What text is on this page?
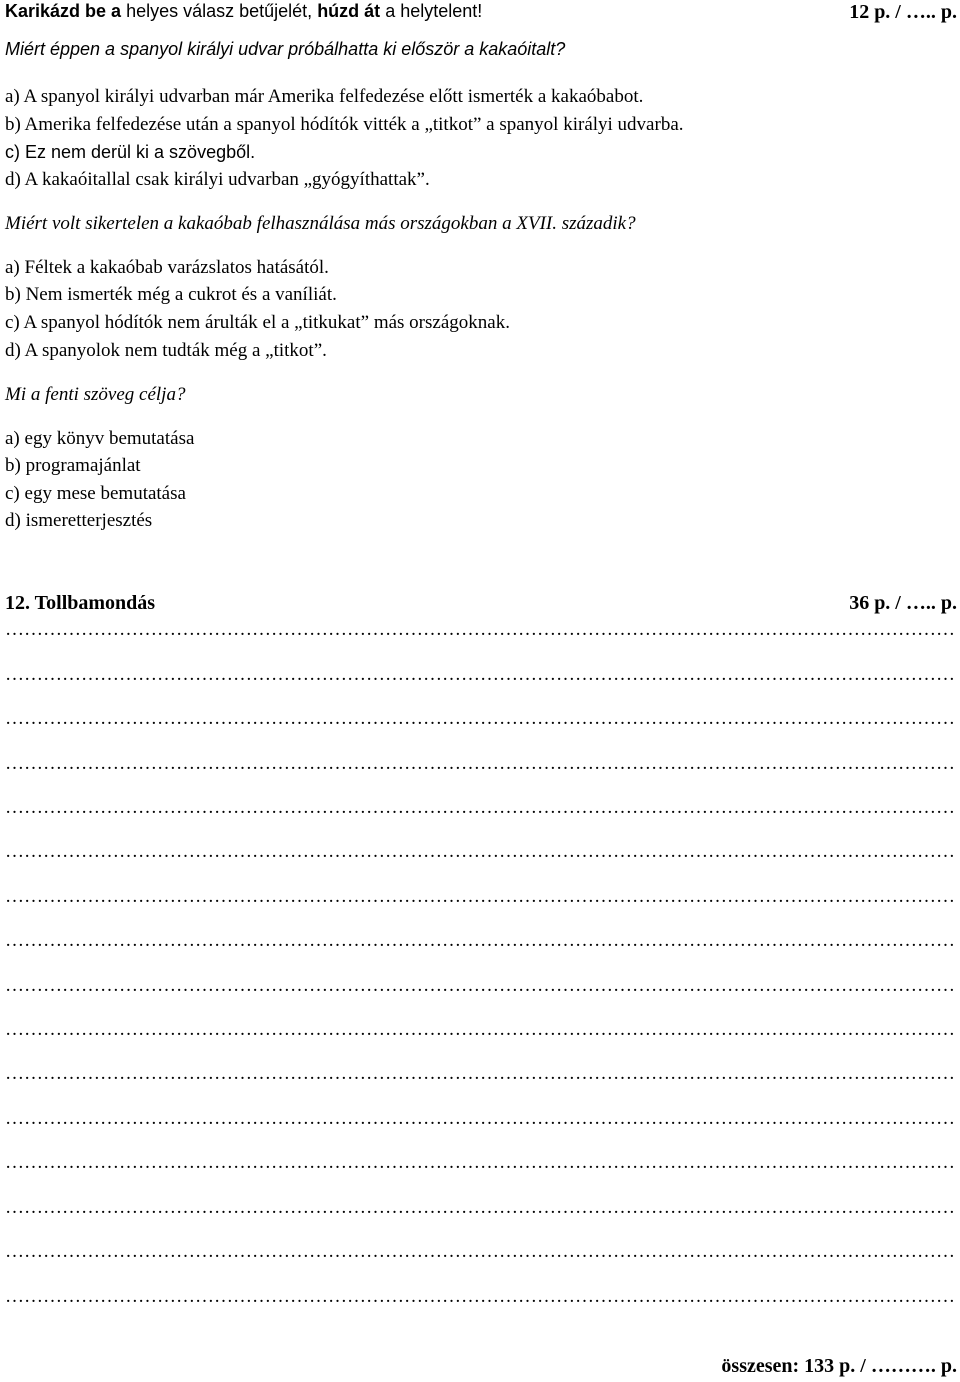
Karikázd be a helyes válasz betűjelét, húzd át a helytelent!	12 p. / ….. p.
Miért éppen a spanyol királyi udvar próbálhatta ki először a kakaóitalt?
a) A spanyol királyi udvarban már Amerika felfedezése előtt ismerték a kakaóbabot.
b) Amerika felfedezése után a spanyol hódítók vitték a „titkot” a spanyol királyi udvarba.
c) Ez nem derül ki a szövegből.
d) A kakaóitallal csak királyi udvarban „gyógyíthattak”.
Miért volt sikertelen a kakaóbab felhasználása más országokban a XVII. századik?
a) Féltek a kakaóbab varázslatos hatásától.
b) Nem ismerték még a cukrot és a vaníliát.
c) A spanyol hódítók nem árulták el a „titkukat” más országoknak.
d) A spanyolok nem tudták még a „titkot”.
Mi a fenti szöveg célja?
a) egy könyv bemutatása
b) programajánlat
c) egy mese bemutatása
d) ismeretterjesztés
12. Tollbamondás	36 p. / ….. p.
……………………………………………………………………………………………………………………………………
……………………………………………………………………………………………………………………………………
……………………………………………………………………………………………………………………………………
……………………………………………………………………………………………………………………………………
……………………………………………………………………………………………………………………………………
……………………………………………………………………………………………………………………………………
……………………………………………………………………………………………………………………………………
……………………………………………………………………………………………………………………………………
……………………………………………………………………………………………………………………………………
……………………………………………………………………………………………………………………………………
……………………………………………………………………………………………………………………………………
……………………………………………………………………………………………………………………………………
……………………………………………………………………………………………………………………………………
……………………………………………………………………………………………………………………………………
……………………………………………………………………………………………………………………………………
……………………………………………………………………………………………………………………………………
összesen: 133 p. / ………. p.
